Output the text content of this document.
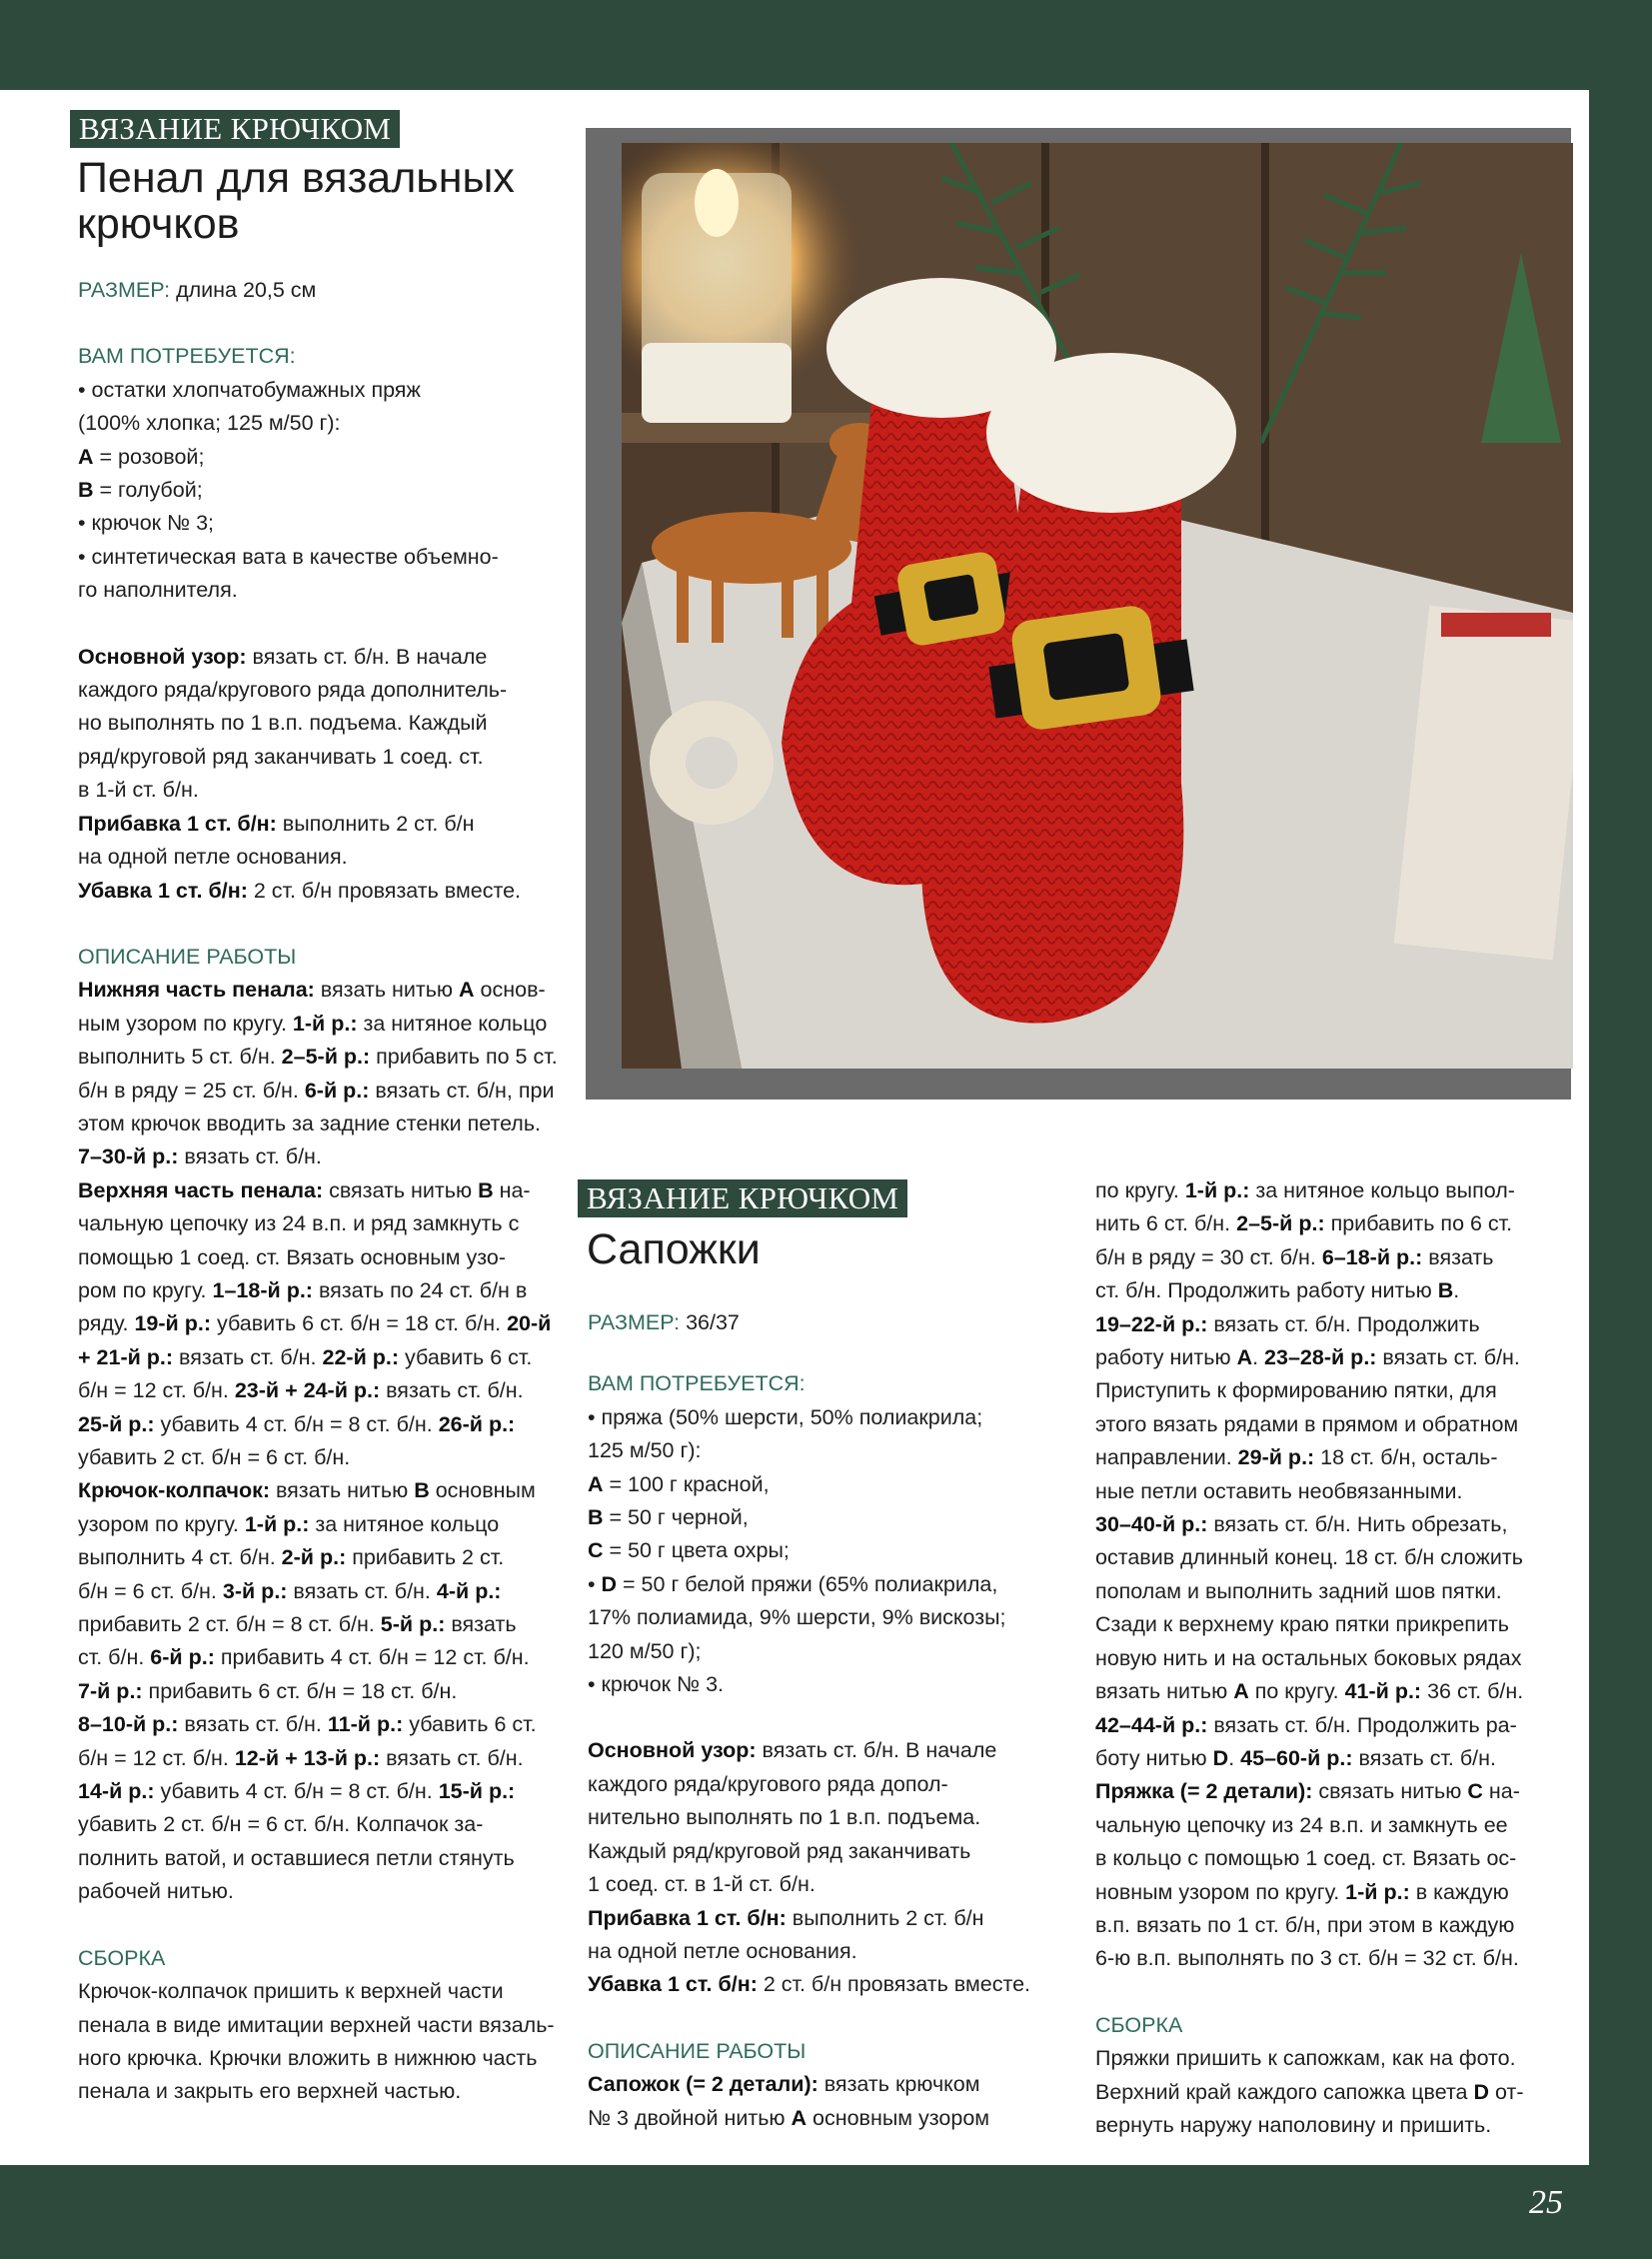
ВЯЗАНИЕ КРЮЧКОМ
Пенал для вязальных
крючков

РАЗМЕР: длина 20,5 см

ВАМ ПОТРЕБУЕТСЯ:

• остатки хлопчатобумажных пряж

(100% хлопка; 125 м/50 г):

A = розовой;

B = голубой;

• крючок № 3;

• синтетическая вата в качестве объемно-

го наполнителя.

Основной узор: вязать ст. б/н. В начале

каждого ряда/кругового ряда дополнитель-

но выполнять по 1 в.п. подъема. Каждый

ряд/круговой ряд заканчивать 1 соед. ст.

в 1-й ст. б/н.

Прибавка 1 ст. б/н: выполнить 2 ст. б/н

на одной петле основания.

Убавка 1 ст. б/н: 2 ст. б/н провязать вместе.

ОПИСАНИЕ РАБОТЫ

Нижняя часть пенала: вязать нитью A основ-

ным узором по кругу. 1-й р.: за нитяное кольцо

выполнить 5 ст. б/н. 2–5-й р.: прибавить по 5 ст.

б/н в ряду = 25 ст. б/н. 6-й р.: вязать ст. б/н, при

этом крючок вводить за задние стенки петель.

7–30-й р.: вязать ст. б/н.

Верхняя часть пенала: связать нитью B на-

чальную цепочку из 24 в.п. и ряд замкнуть с

помощью 1 соед. ст. Вязать основным узо-

ром по кругу. 1–18-й р.: вязать по 24 ст. б/н в

ряду. 19-й р.: убавить 6 ст. б/н = 18 ст. б/н. 20-й

+ 21-й р.: вязать ст. б/н. 22-й р.: убавить 6 ст.

б/н = 12 ст. б/н. 23-й + 24-й р.: вязать ст. б/н.

25-й р.: убавить 4 ст. б/н = 8 ст. б/н. 26-й р.:

убавить 2 ст. б/н = 6 ст. б/н.

Крючок-колпачок: вязать нитью B основным

узором по кругу. 1-й р.: за нитяное кольцо

выполнить 4 ст. б/н. 2-й р.: прибавить 2 ст.

б/н = 6 ст. б/н. 3-й р.: вязать ст. б/н. 4-й р.:

прибавить 2 ст. б/н = 8 ст. б/н. 5-й р.: вязать

ст. б/н. 6-й р.: прибавить 4 ст. б/н = 12 ст. б/н.

7-й р.: прибавить 6 ст. б/н = 18 ст. б/н.

8–10-й р.: вязать ст. б/н. 11-й р.: убавить 6 ст.

б/н = 12 ст. б/н. 12-й + 13-й р.: вязать ст. б/н.

14-й р.: убавить 4 ст. б/н = 8 ст. б/н. 15-й р.:

убавить 2 ст. б/н = 6 ст. б/н. Колпачок за-

полнить ватой, и оставшиеся петли стянуть

рабочей нитью.

СБОРКА

Крючок-колпачок пришить к верхней части

пенала в виде имитации верхней части вязаль-

ного крючка. Крючки вложить в нижнюю часть

пенала и закрыть его верхней частью.

ВЯЗАНИЕ КРЮЧКОМ
Сапожки

РАЗМЕР: 36/37

ВАМ ПОТРЕБУЕТСЯ:

• пряжа (50% шерсти, 50% полиакрила;

125 м/50 г):

A = 100 г красной,

B = 50 г черной,

C = 50 г цвета охры;

• D = 50 г белой пряжи (65% полиакрила,

17% полиамида, 9% шерсти, 9% вискозы;

120 м/50 г);

• крючок № 3.

Основной узор: вязать ст. б/н. В начале

каждого ряда/кругового ряда допол-

нительно выполнять по 1 в.п. подъема.

Каждый ряд/круговой ряд заканчивать

1 соед. ст. в 1-й ст. б/н.

Прибавка 1 ст. б/н: выполнить 2 ст. б/н

на одной петле основания.

Убавка 1 ст. б/н: 2 ст. б/н провязать вместе.

ОПИСАНИЕ РАБОТЫ

Сапожок (= 2 детали): вязать крючком

№ 3 двойной нитью A основным узором

по кругу. 1-й р.: за нитяное кольцо выпол-

нить 6 ст. б/н. 2–5-й р.: прибавить по 6 ст.

б/н в ряду = 30 ст. б/н. 6–18-й р.: вязать

ст. б/н. Продолжить работу нитью B.

19–22-й р.: вязать ст. б/н. Продолжить

работу нитью A. 23–28-й р.: вязать ст. б/н.

Приступить к формированию пятки, для

этого вязать рядами в прямом и обратном

направлении. 29-й р.: 18 ст. б/н, осталь-

ные петли оставить необвязанными.

30–40-й р.: вязать ст. б/н. Нить обрезать,

оставив длинный конец. 18 ст. б/н сложить

пополам и выполнить задний шов пятки.

Сзади к верхнему краю пятки прикрепить

новую нить и на остальных боковых рядах

вязать нитью A по кругу. 41-й р.: 36 ст. б/н.

42–44-й р.: вязать ст. б/н. Продолжить ра-

боту нитью D. 45–60-й р.: вязать ст. б/н.

Пряжка (= 2 детали): связать нитью C на-

чальную цепочку из 24 в.п. и замкнуть ее

в кольцо с помощью 1 соед. ст. Вязать ос-

новным узором по кругу. 1-й р.: в каждую

в.п. вязать по 1 ст. б/н, при этом в каждую

6-ю в.п. выполнять по 3 ст. б/н = 32 ст. б/н.

СБОРКА

Пряжки пришить к сапожкам, как на фото.

Верхний край каждого сапожка цвета D от-

вернуть наружу наполовину и пришить.

25
